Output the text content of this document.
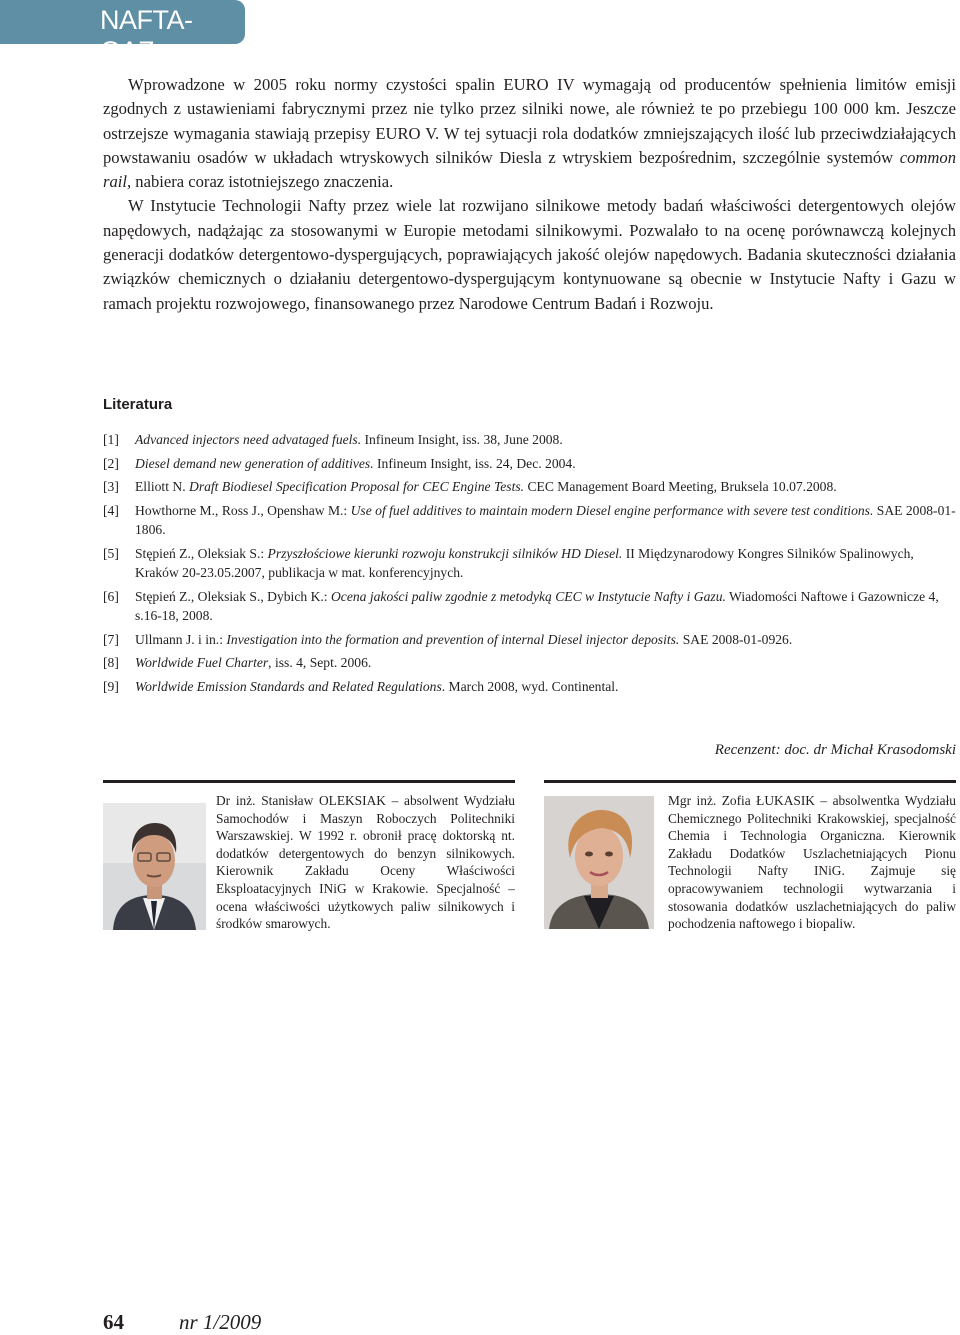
NAFTA-GAZ

Wprowadzone w 2005 roku normy czystości spalin EURO IV wymagają od producentów spełnienia limitów emisji zgodnych z ustawieniami fabrycznymi przez nie tylko przez silniki nowe, ale również te po przebiegu 100 000 km. Jeszcze ostrzejsze wymagania stawiają przepisy EURO V. W tej sytuacji rola dodatków zmniejszających ilość lub przeciwdziałających powstawaniu osadów w układach wtryskowych silników Diesla z wtryskiem bezpośrednim, szczególnie systemów common rail, nabiera coraz istotniejszego znaczenia.

W Instytucie Technologii Nafty przez wiele lat rozwijano silnikowe metody badań właściwości detergentowych olejów napędowych, nadążając za stosowanymi w Europie metodami silnikowymi. Pozwalało to na ocenę porównawczą kolejnych generacji dodatków detergentowo-dyspergujących, poprawiających jakość olejów napędowych. Badania skuteczności działania związków chemicznych o działaniu detergentowo-dyspergującym kontynuowane są obecnie w Instytucie Nafty i Gazu w ramach projektu rozwojowego, finansowanego przez Narodowe Centrum Badań i Rozwoju.

Literatura
[1]	Advanced injectors need advataged fuels. Infineum Insight, iss. 38, June 2008.
[2]	Diesel demand new generation of additives. Infineum Insight, iss. 24, Dec. 2004.
[3]	Elliott N. Draft Biodiesel Specification Proposal for CEC Engine Tests. CEC Management Board Meeting, Bruksela 10.07.2008.
[4]	Howthorne M., Ross J., Openshaw M.: Use of fuel additives to maintain modern Diesel engine performance with severe test conditions. SAE 2008-01-1806.
[5]	Stępień Z., Oleksiak S.: Przyszłościowe kierunki rozwoju konstrukcji silników HD Diesel. II Międzynarodowy Kongres Silników Spalinowych, Kraków 20-23.05.2007, publikacja w mat. konferencyjnych.
[6]	Stępień Z., Oleksiak S., Dybich K.: Ocena jakości paliw zgodnie z metodyką CEC w Instytucie Nafty i Gazu. Wiadomości Naftowe i Gazownicze 4, s.16-18, 2008.
[7]	Ullmann J. i in.: Investigation into the formation and prevention of internal Diesel injector deposits. SAE 2008-01-0926.
[8]	Worldwide Fuel Charter, iss. 4, Sept. 2006.
[9]	Worldwide Emission Standards and Related Regulations. March 2008, wyd. Continental.
Recenzent: doc. dr Michał Krasodomski
Dr inż. Stanisław OLEKSIAK – absolwent Wydziału Samochodów i Maszyn Roboczych Politechniki Warszawskiej. W 1992 r. obronił pracę doktorską nt. dodatków detergentowych do benzyn silnikowych. Kierownik Zakładu Oceny Właściwości Eksploatacyjnych INiG w Krakowie. Specjalność – ocena właściwości użytkowych paliw silnikowych i środków smarowych.
Mgr inż. Zofia ŁUKASIK – absolwentka Wydziału Chemicznego Politechniki Krakowskiej, specjalność Chemia i Technologia Organiczna. Kierownik Zakładu Dodatków Uszlachetniających Pionu Technologii Nafty INiG. Zajmuje się opracowywaniem technologii wytwarzania i stosowania dodatków uszlachetniających do paliw pochodzenia naftowego i biopaliw.
64	nr 1/2009
